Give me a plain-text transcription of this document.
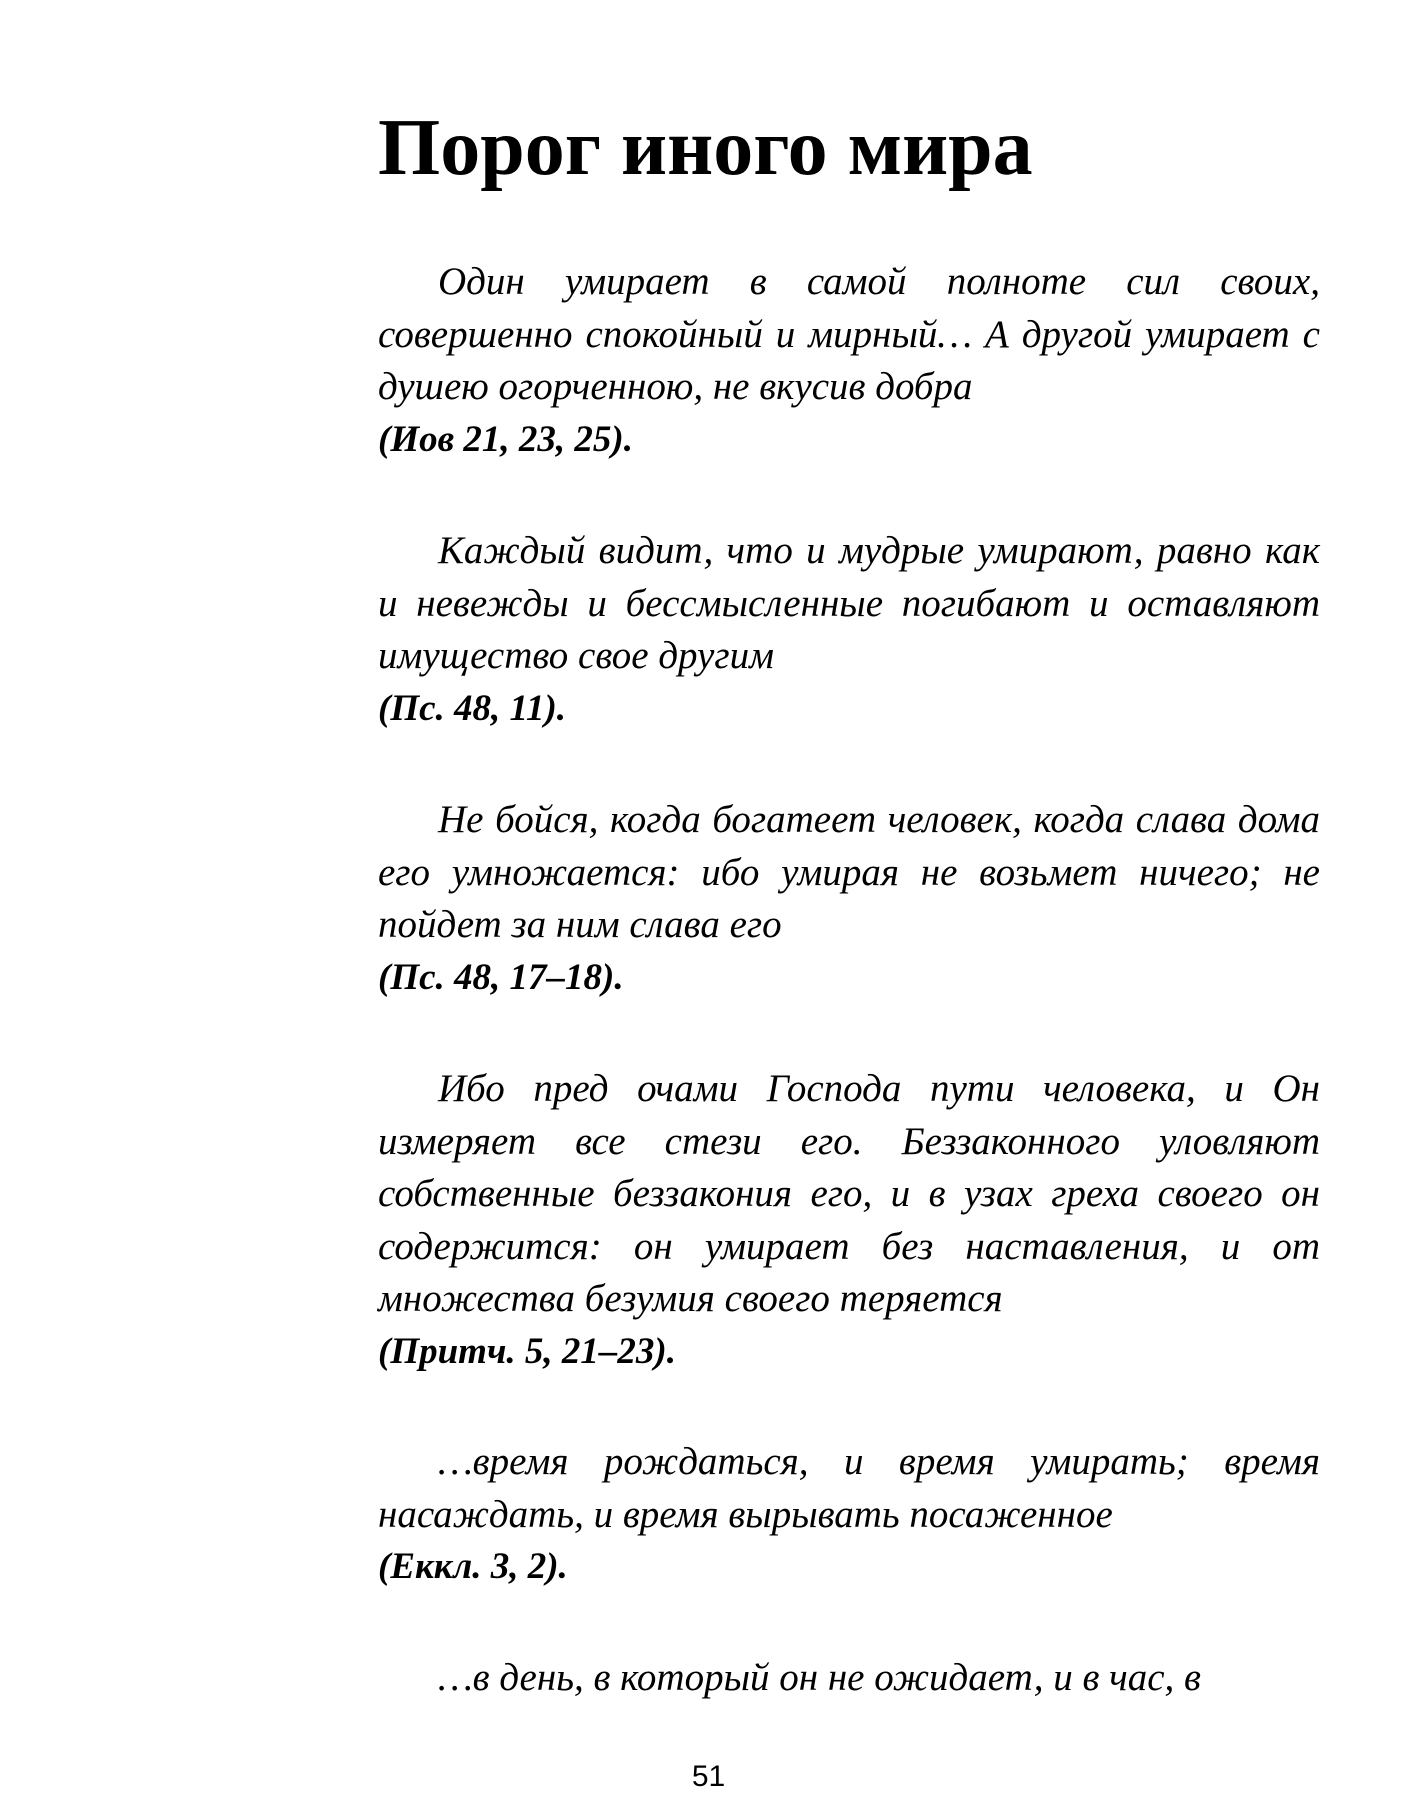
Порог иного мира

Один умирает в самой полноте сил своих, совершенно спокойный и мирный… А другой умирает с душею огорченною, не вкусив добра

(Иов 21, 23, 25).

Каждый видит, что и мудрые умирают, равно как и невежды и бессмысленные погибают и оставляют имущество свое другим

(Пс. 48, 11).

Не бойся, когда богатеет человек, когда слава дома его умножается: ибо умирая не возьмет ничего; не пойдет за ним слава его

(Пс. 48, 17–18).

Ибо пред очами Господа пути человека, и Он измеряет все стези его. Беззаконного уловляют собственные беззакония его, и в узах греха своего он содержится: он умирает без наставления, и от множества безумия своего теряется

(Притч. 5, 21–23).

…время рождаться, и время умирать; время насаждать, и время вырывать посаженное

(Еккл. 3, 2).

…в день, в который он не ожидает, и в час, в

51
